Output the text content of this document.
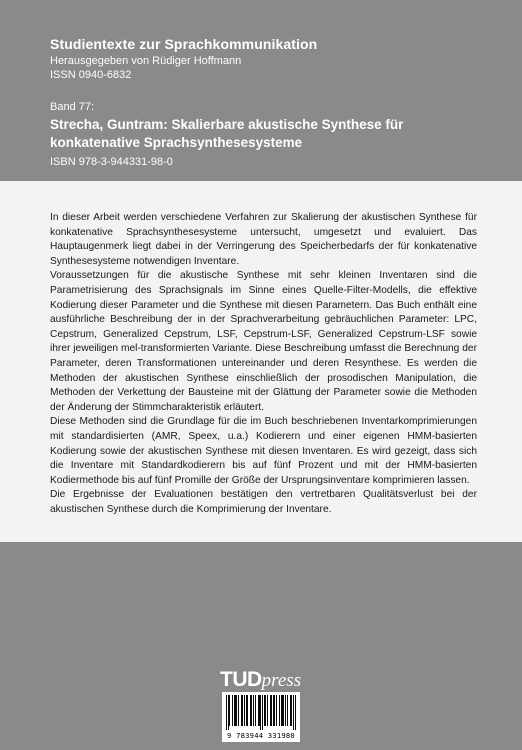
Studientexte zur Sprachkommunikation
Herausgegeben von Rüdiger Hoffmann
ISSN 0940-6832
Band 77:
Strecha, Guntram: Skalierbare akustische Synthese für
konkatenative Sprachsynthesesysteme
ISBN 978-3-944331-98-0

In dieser Arbeit werden verschiedene Verfahren zur Skalierung der akustischen Synthese für konkatenative Sprachsynthesesysteme untersucht, umgesetzt und evaluiert. Das Hauptaugenmerk liegt dabei in der Verringerung des Speicherbedarfs der für konkatenative Synthesesysteme notwendigen Inventare.

Voraussetzungen für die akustische Synthese mit sehr kleinen Inventaren sind die Parametrisierung des Sprachsignals im Sinne eines Quelle-Filter-Modells, die effektive Kodierung dieser Parameter und die Synthese mit diesen Parametern. Das Buch enthält eine ausführliche Beschreibung der in der Sprachverarbeitung gebräuchlichen Parameter: LPC, Cepstrum, Generalized Cepstrum, LSF, Cepstrum-LSF, Generalized Cepstrum-LSF sowie ihrer jeweiligen mel-transformierten Variante. Diese Beschreibung umfasst die Berechnung der Parameter, deren Transformationen untereinander und deren Resynthese. Es werden die Methoden der akustischen Synthese einschließlich der prosodischen Manipulation, die Methoden der Verkettung der Bausteine mit der Glättung der Parameter sowie die Methoden der Änderung der Stimmcharakteristik erläutert.

Diese Methoden sind die Grundlage für die im Buch beschriebenen Inventarkomprimierungen mit standardisierten (AMR, Speex, u.a.) Kodierern und einer eigenen HMM-basierten Kodierung sowie der akustischen Synthese mit diesen Inventaren. Es wird gezeigt, dass sich die Inventare mit Standardkodierern bis auf fünf Prozent und mit der HMM-basierten Kodiermethode bis auf fünf Promille der Größe der Ursprungsinventare komprimieren lassen.

Die Ergebnisse der Evaluationen bestätigen den vertretbaren Qualitätsverlust bei der akustischen Synthese durch die Komprimierung der Inventare.

TUDpress
9 783944 331980
